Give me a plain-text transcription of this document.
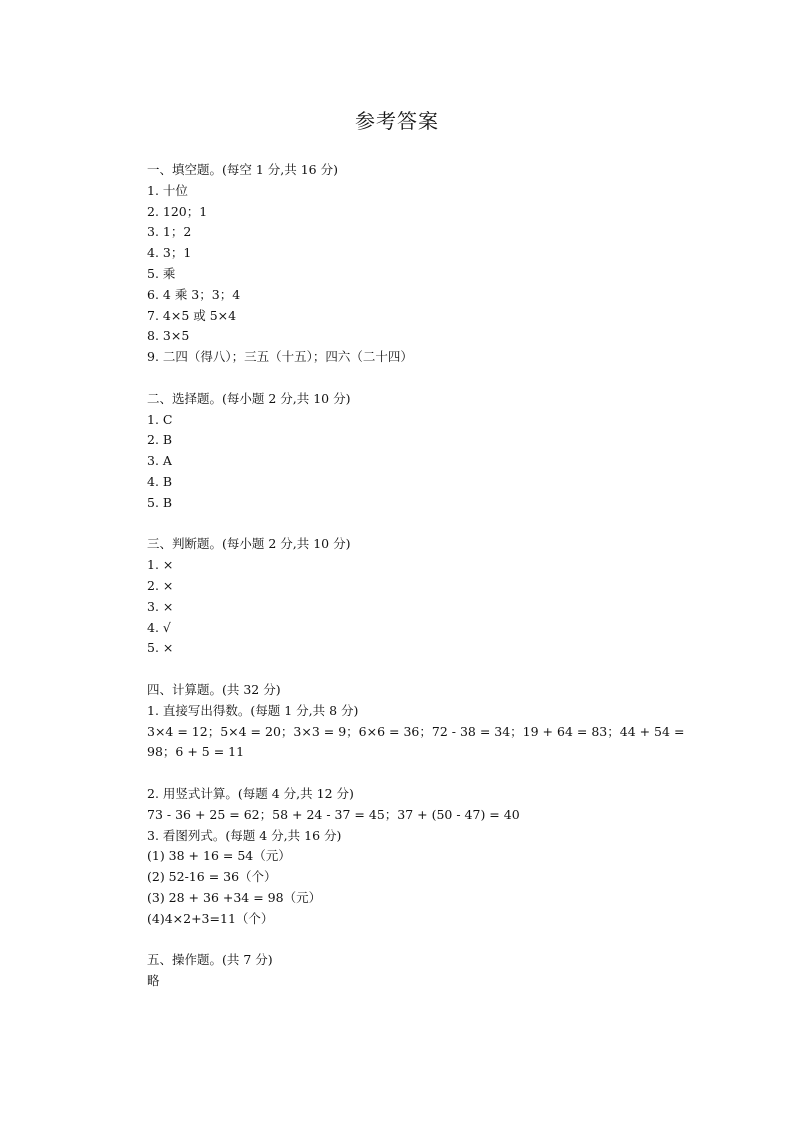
参考答案

一、填空题。(每空 1 分,共 16 分)

1. 十位

2. 120；1

3. 1；2

4. 3；1

5. 乘

6. 4 乘 3；3；4

7. 4×5 或 5×4

8. 3×5

9. 二四（得八）；三五（十五）；四六（二十四）

二、选择题。(每小题 2 分,共 10 分)

1. C

2. B

3. A

4. B

5. B

三、判断题。(每小题 2 分,共 10 分)

1. ×

2. ×

3. ×

4. √

5. ×

四、计算题。(共 32 分)

1. 直接写出得数。(每题 1 分,共 8 分)

3×4 = 12；5×4 = 20；3×3 = 9；6×6 = 36；72 - 38 = 34；19 + 64 = 83；44 + 54 =

98；6 + 5 = 11

2. 用竖式计算。(每题 4 分,共 12 分)

73 - 36 + 25 = 62；58 + 24 - 37 = 45；37 + (50 - 47) = 40

3. 看图列式。(每题 4 分,共 16 分)

(1) 38 + 16 = 54（元）

(2) 52-16 = 36（个）

(3) 28 + 36 +34 = 98（元）

(4)4×2+3=11（个）

五、操作题。(共 7 分)

略
